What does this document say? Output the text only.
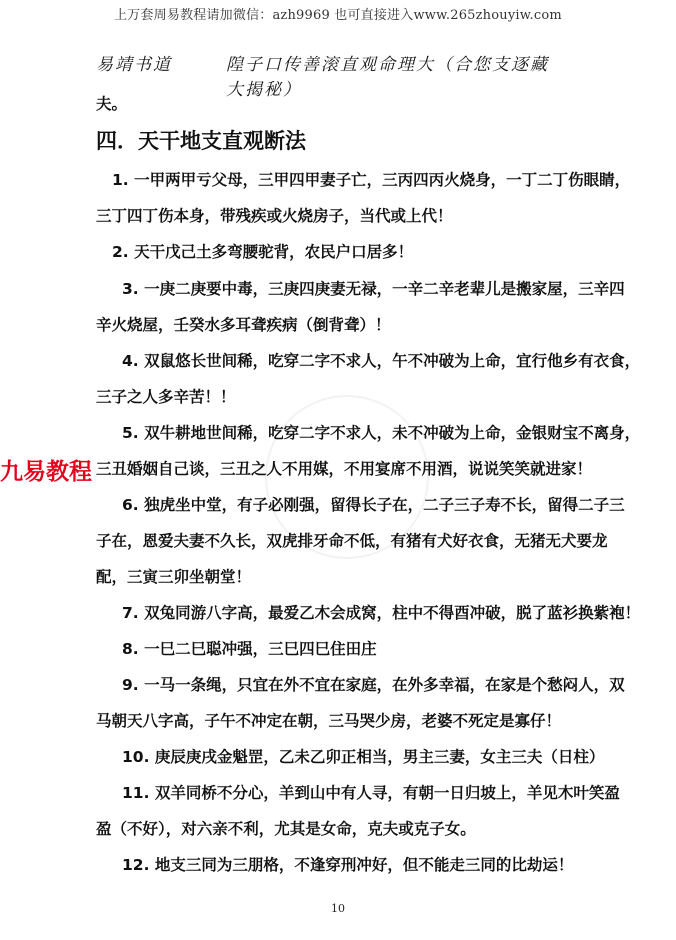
上万套周易教程请加微信：azh9969 也可直接进入www.265zhouyiw.com
易靖书道	隍子口传善滚直观命理大（合您支逐藏大揭秘）
夫。
四．天干地支直观断法
1. 一甲两甲亏父母，三甲四甲妻子亡，三丙四丙火烧身，一丁二丁伤眼睛，
三丁四丁伤本身，带残疾或火烧房子，当代或上代！
2. 天干戊己土多弯腰驼背，农民户口居多！
3. 一庚二庚要中毒，三庚四庚妻无禄，一辛二辛老辈儿是搬家屋，三辛四
辛火烧屋，壬癸水多耳聋疾病（倒背聋）！
4. 双鼠悠长世间稀，吃穿二字不求人，午不冲破为上命，宜行他乡有衣食，
三子之人多辛苦！！
5. 双牛耕地世间稀，吃穿二字不求人，未不冲破为上命，金银财宝不离身，
三丑婚姻自己谈，三丑之人不用媒，不用宴席不用酒，说说笑笑就进家！
6. 独虎坐中堂，有子必刚强，留得长子在，二子三子寿不长，留得二子三
子在，恩爱夫妻不久长，双虎排牙命不低，有猪有犬好衣食，无猪无犬要龙
配，三寅三卯坐朝堂！
7. 双兔同游八字高，最爱乙木会成窝，柱中不得酉冲破，脱了蓝衫换紫袍！
8. 一巳二巳聪冲强，三巳四巳住田庄
9. 一马一条绳，只宜在外不宜在家庭，在外多幸福，在家是个愁闷人，双
马朝天八字高，子午不冲定在朝，三马哭少房，老婆不死定是寡仔！
10. 庚辰庚戌金魁罡，乙未乙卯正相当，男主三妻，女主三夫（日柱）
11. 双羊同桥不分心，羊到山中有人寻，有朝一日归坡上，羊见木叶笑盈
盈（不好），对六亲不利，尤其是女命，克夫或克子女。
12. 地支三同为三朋格，不逢穿刑冲好，但不能走三同的比劫运！
九易教程
10
